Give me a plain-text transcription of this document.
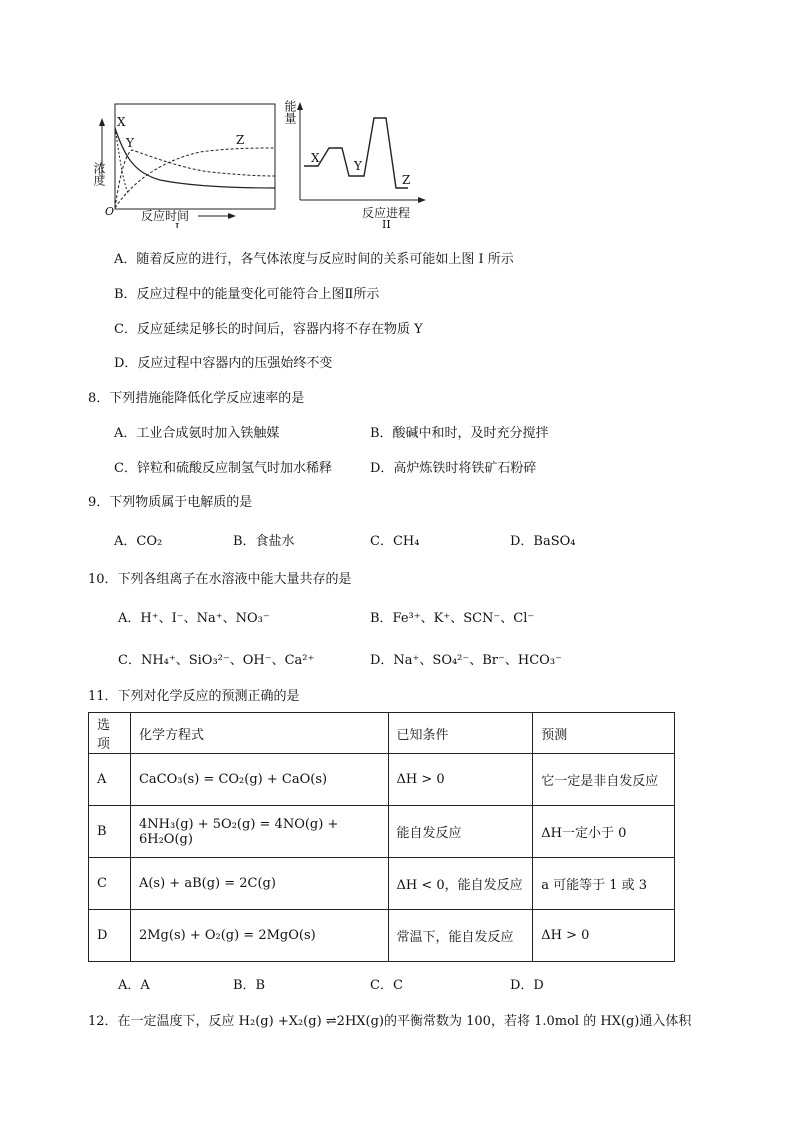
X
Y	Z
O 反应时间
I
浓度
X
Y
Z
反应进程
II
能量
A．随着反应的进行，各气体浓度与反应时间的关系可能如上图 I 所示
B．反应过程中的能量变化可能符合上图Ⅱ所示
C．反应延续足够长的时间后，容器内将不存在物质 Y
D．反应过程中容器内的压强始终不变
8．下列措施能降低化学反应速率的是
A．工业合成氨时加入铁触媒	B．酸碱中和时，及时充分搅拌
C．锌粒和硫酸反应制氢气时加水稀释	D．高炉炼铁时将铁矿石粉碎
9．下列物质属于电解质的是
A．CO₂	B．食盐水	C．CH₄	D．BaSO₄
10．下列各组离子在水溶液中能大量共存的是
A．H⁺、I⁻、Na⁺、NO₃⁻	B．Fe³⁺、K⁺、SCN⁻、Cl⁻
C．NH₄⁺、SiO₃²⁻、OH⁻、Ca²⁺	D．Na⁺、SO₄²⁻、Br⁻、HCO₃⁻
11．下列对化学反应的预测正确的是
选项	化学方程式	已知条件	预测
A	CaCO₃(s) = CO₂(g) + CaO(s)	ΔH > 0	它一定是非自发反应
B	4NH₃(g) + 5O₂(g) = 4NO(g) + 6H₂O(g)	能自发反应	ΔH一定小于 0
C	A(s) + aB(g) = 2C(g)	ΔH < 0，能自发反应	a 可能等于 1 或 3
D	2Mg(s) + O₂(g) = 2MgO(s)	常温下，能自发反应	ΔH > 0
A．A	B．B	C．C	D．D
12．在一定温度下，反应 H₂(g) +X₂(g) ⇌2HX(g)的平衡常数为 100，若将 1.0mol 的 HX(g)通入体积
